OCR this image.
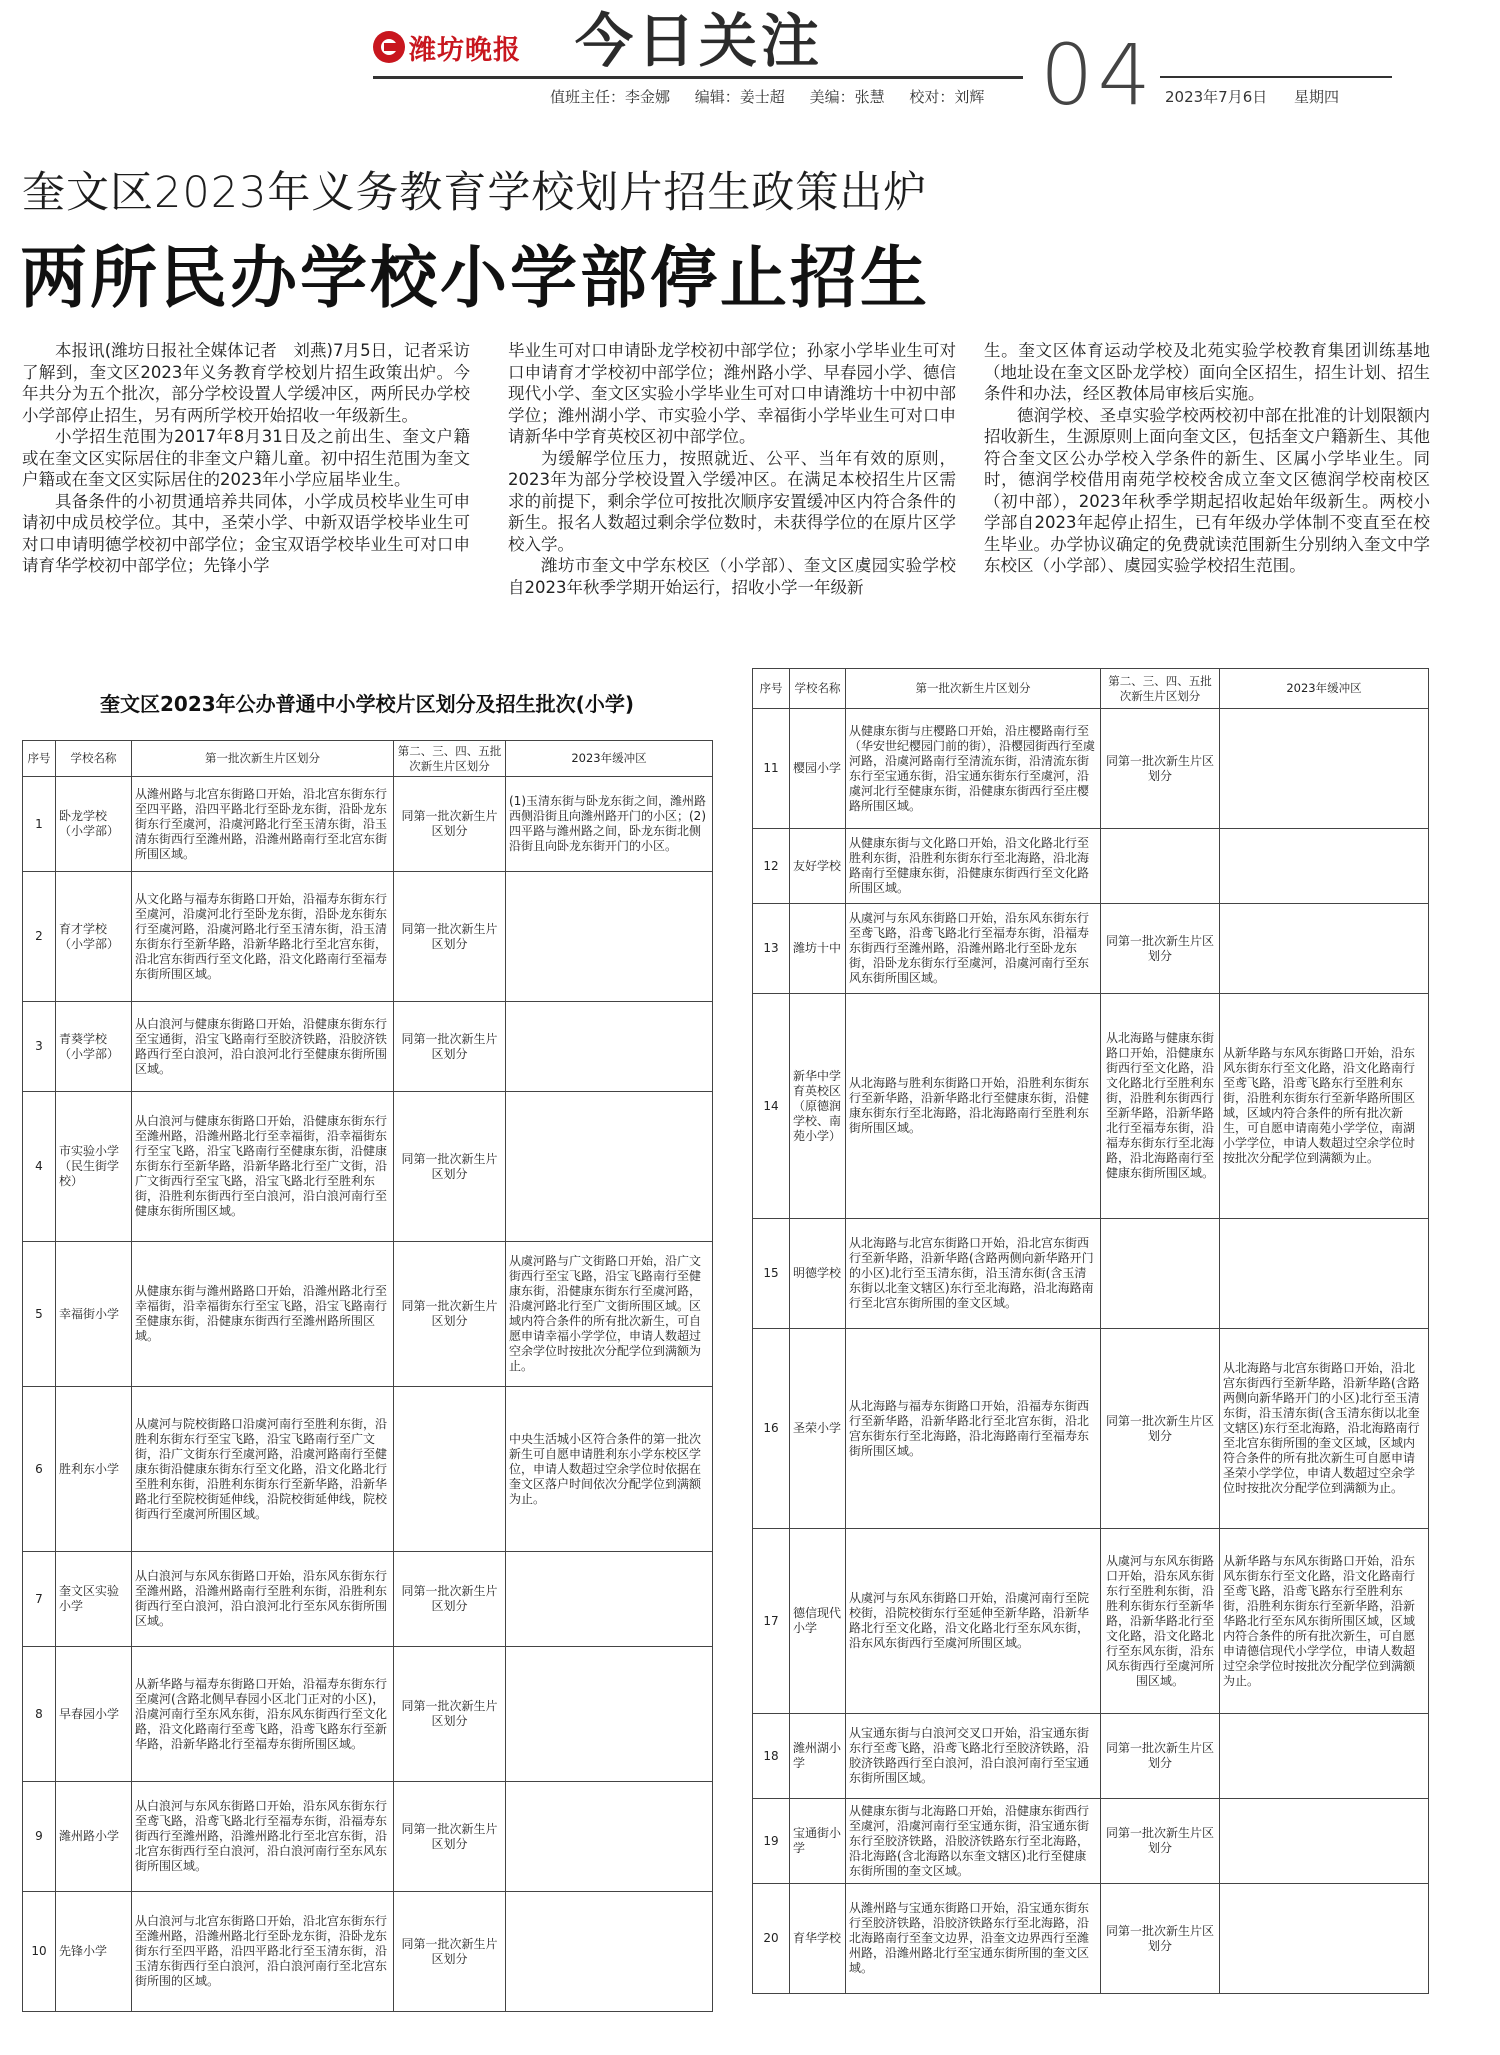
潍坊晚报 今日关注
值班主任：李金娜 编辑：姜士超 美编：张慧 校对：刘辉 04 2023年7月6日 星期四
奎文区2023年义务教育学校划片招生政策出炉
两所民办学校小学部停止招生

本报讯(潍坊日报社全媒体记者　刘燕)7月5日，记者采访了解到，奎文区2023年义务教育学校划片招生政策出炉。今年共分为五个批次，部分学校设置人学缓冲区，两所民办学校小学部停止招生，另有两所学校开始招收一年级新生。

小学招生范围为2017年8月31日及之前出生、奎文户籍或在奎文区实际居住的非奎文户籍儿童。初中招生范围为奎文户籍或在奎文区实际居住的2023年小学应届毕业生。

具备条件的小初贯通培养共同体，小学成员校毕业生可申请初中成员校学位。其中，圣荣小学、中新双语学校毕业生可对口申请明德学校初中部学位；金宝双语学校毕业生可对口申请育华学校初中部学位；先锋小学

毕业生可对口申请卧龙学校初中部学位；孙家小学毕业生可对口申请育才学校初中部学位；潍州路小学、早春园小学、德信现代小学、奎文区实验小学毕业生可对口申请潍坊十中初中部学位；潍州湖小学、市实验小学、幸福街小学毕业生可对口申请新华中学育英校区初中部学位。

为缓解学位压力，按照就近、公平、当年有效的原则，2023年为部分学校设置入学缓冲区。在满足本校招生片区需求的前提下，剩余学位可按批次顺序安置缓冲区内符合条件的新生。报名人数超过剩余学位数时，未获得学位的在原片区学校入学。

潍坊市奎文中学东校区（小学部）、奎文区虞园实验学校自2023年秋季学期开始运行，招收小学一年级新

生。奎文区体育运动学校及北苑实验学校教育集团训练基地（地址设在奎文区卧龙学校）面向全区招生，招生计划、招生条件和办法，经区教体局审核后实施。

德润学校、圣卓实验学校两校初中部在批准的计划限额内招收新生，生源原则上面向奎文区，包括奎文户籍新生、其他符合奎文区公办学校入学条件的新生、区属小学毕业生。同时，德润学校借用南苑学校校舍成立奎文区德润学校南校区（初中部），2023年秋季学期起招收起始年级新生。两校小学部自2023年起停止招生，已有年级办学体制不变直至在校生毕业。办学协议确定的免费就读范围新生分别纳入奎文中学东校区（小学部）、虞园实验学校招生范围。

奎文区2023年公办普通中小学校片区划分及招生批次(小学)
序号	学校名称	第一批次新生片区划分	第二、三、四、五批次新生片区划分	2023年缓冲区
1	卧龙学校（小学部）	从潍州路与北宫东街路口开始，沿北宫东街东行至四平路，沿四平路北行至卧龙东街，沿卧龙东街东行至虞河，沿虞河路北行至玉清东街，沿玉清东街西行至潍州路，沿潍州路南行至北宫东街所围区域。	同第一批次新生片区划分	(1)玉清东街与卧龙东街之间，潍州路西侧沿街且向潍州路开门的小区；(2)四平路与潍州路之间，卧龙东街北侧沿街且向卧龙东街开门的小区。
2	育才学校（小学部）	从文化路与福寿东街路口开始，沿福寿东街东行至虞河，沿虞河北行至卧龙东街，沿卧龙东街东行至虞河路，沿虞河路北行至玉清东街，沿玉清东街东行至新华路，沿新华路北行至北宫东街，沿北宫东街西行至文化路，沿文化路南行至福寿东街所围区域。	同第一批次新生片区划分	
3	青葵学校（小学部）	从白浪河与健康东街路口开始，沿健康东街东行至宝通街，沿宝飞路南行至胶济铁路，沿胶济铁路西行至白浪河，沿白浪河北行至健康东街所围区域。	同第一批次新生片区划分	
4	市实验小学（民生街学校）	从白浪河与健康东街路口开始，沿健康东街东行至潍州路，沿潍州路北行至幸福街，沿幸福街东行至宝飞路，沿宝飞路南行至健康东街，沿健康东街东行至新华路，沿新华路北行至广文街，沿广文街西行至宝飞路，沿宝飞路北行至胜利东街，沿胜利东街西行至白浪河，沿白浪河南行至健康东街所围区域。	同第一批次新生片区划分	
5	幸福街小学	从健康东街与潍州路路口开始，沿潍州路北行至幸福街，沿幸福街东行至宝飞路，沿宝飞路南行至健康东街，沿健康东街西行至潍州路所围区域。	同第一批次新生片区划分	从虞河路与广文街路口开始，沿广文街西行至宝飞路，沿宝飞路南行至健康东街，沿健康东街东行至虞河路，沿虞河路北行至广文街所围区域。区域内符合条件的所有批次新生，可自愿申请幸福小学学位，申请人数超过空余学位时按批次分配学位到满额为止。
6	胜利东小学	从虞河与院校街路口沿虞河南行至胜利东街，沿胜利东街东行至宝飞路，沿宝飞路南行至广文街，沿广文街东行至虞河路，沿虞河路南行至健康东街沿健康东街东行至文化路，沿文化路北行至胜利东街，沿胜利东街东行至新华路，沿新华路北行至院校街延伸线，沿院校街延伸线，院校街西行至虞河所围区域。		中央生活城小区符合条件的第一批次新生可自愿申请胜利东小学东校区学位，申请人数超过空余学位时依据在奎文区落户时间依次分配学位到满额为止。
7	奎文区实验小学	从白浪河与东风东街路口开始，沿东风东街东行至潍州路，沿潍州路南行至胜利东街，沿胜利东街西行至白浪河，沿白浪河北行至东风东街所围区域。	同第一批次新生片区划分	
8	早春园小学	从新华路与福寿东街路口开始，沿福寿东街东行至虞河(含路北侧早春园小区北门正对的小区)，沿虞河南行至东风东街，沿东风东街西行至文化路，沿文化路南行至鸢飞路，沿鸢飞路东行至新华路，沿新华路北行至福寿东街所围区域。	同第一批次新生片区划分	
9	潍州路小学	从白浪河与东风东街路口开始，沿东风东街东行至鸢飞路，沿鸢飞路北行至福寿东街，沿福寿东街西行至潍州路，沿潍州路北行至北宫东街，沿北宫东街西行至白浪河，沿白浪河南行至东风东街所围区域。	同第一批次新生片区划分	
10	先锋小学	从白浪河与北宫东街路口开始，沿北宫东街东行至潍州路，沿潍州路北行至卧龙东街，沿卧龙东街东行至四平路，沿四平路北行至玉清东街，沿玉清东街西行至白浪河，沿白浪河南行至北宫东街所围的区域。	同第一批次新生片区划分	
序号	学校名称	第一批次新生片区划分	第二、三、四、五批次新生片区划分	2023年缓冲区
11	樱园小学	从健康东街与庄樱路口开始，沿庄樱路南行至（华安世纪樱园门前的街），沿樱园街西行至虞河路，沿虞河路南行至清流东街，沿清流东街东行至宝通东街，沿宝通东街东行至虞河，沿虞河北行至健康东街，沿健康东街西行至庄樱路所围区域。	同第一批次新生片区划分	
12	友好学校	从健康东街与文化路口开始，沿文化路北行至胜利东街，沿胜利东街东行至北海路，沿北海路南行至健康东街，沿健康东街西行至文化路所围区域。		
13	潍坊十中	从虞河与东风东街路口开始，沿东风东街东行至鸢飞路，沿鸢飞路北行至福寿东街，沿福寿东街西行至潍州路，沿潍州路北行至卧龙东街，沿卧龙东街东行至虞河，沿虞河南行至东风东街所围区域。	同第一批次新生片区划分	
14	新华中学育英校区（原德润学校、南苑小学）	从北海路与胜利东街路口开始，沿胜利东街东行至新华路，沿新华路北行至健康东街，沿健康东街东行至北海路，沿北海路南行至胜利东街所围区域。	从北海路与健康东街路口开始，沿健康东街西行至文化路，沿文化路北行至胜利东街，沿胜利东街西行至新华路，沿新华路北行至福寿东街，沿福寿东街东行至北海路，沿北海路南行至健康东街所围区域。	从新华路与东风东街路口开始，沿东风东街东行至文化路，沿文化路南行至鸢飞路，沿鸢飞路东行至胜利东街，沿胜利东街东行至新华路所围区域，区域内符合条件的所有批次新生，可自愿申请南苑小学学位，南湖小学学位，申请人数超过空余学位时按批次分配学位到满额为止。
15	明德学校	从北海路与北宫东街路口开始，沿北宫东街西行至新华路，沿新华路(含路两侧向新华路开门的小区)北行至玉清东街，沿玉清东街(含玉清东街以北奎文辖区)东行至北海路，沿北海路南行至北宫东街所围的奎文区域。		
16	圣荣小学	从北海路与福寿东街路口开始，沿福寿东街西行至新华路，沿新华路北行至北宫东街，沿北宫东街东行至北海路，沿北海路南行至福寿东街所围区域。	同第一批次新生片区划分	从北海路与北宫东街路口开始，沿北宫东街西行至新华路，沿新华路(含路两侧向新华路开门的小区)北行至玉清东街，沿玉清东街(含玉清东街以北奎文辖区)东行至北海路，沿北海路南行至北宫东街所围的奎文区域，区域内符合条件的所有批次新生可自愿申请圣荣小学学位，申请人数超过空余学位时按批次分配学位到满额为止。
17	德信现代小学	从虞河与东风东街路口开始，沿虞河南行至院校街，沿院校街东行至延伸至新华路，沿新华路北行至文化路，沿文化路北行至东风东街，沿东风东街西行至虞河所围区域。	从虞河与东风东街路口开始，沿东风东街东行至胜利东街，沿胜利东街东行至新华路，沿新华路北行至文化路，沿文化路北行至东风东街，沿东风东街西行至虞河所围区域。	从新华路与东风东街路口开始，沿东风东街东行至文化路，沿文化路南行至鸢飞路，沿鸢飞路东行至胜利东街，沿胜利东街东行至新华路，沿新华路北行至东风东街所围区域，区域内符合条件的所有批次新生，可自愿申请德信现代小学学位，申请人数超过空余学位时按批次分配学位到满额为止。
18	潍州湖小学	从宝通东街与白浪河交叉口开始，沿宝通东街东行至鸢飞路，沿鸢飞路北行至胶济铁路，沿胶济铁路西行至白浪河，沿白浪河南行至宝通东街所围区域。	同第一批次新生片区划分	
19	宝通街小学	从健康东街与北海路口开始，沿健康东街西行至虞河，沿虞河南行至宝通东街，沿宝通东街东行至胶济铁路，沿胶济铁路东行至北海路，沿北海路(含北海路以东奎文辖区)北行至健康东街所围的奎文区域。	同第一批次新生片区划分	
20	育华学校	从潍州路与宝通东街路口开始，沿宝通东街东行至胶济铁路，沿胶济铁路东行至北海路，沿北海路南行至奎文边界，沿奎文边界西行至潍州路，沿潍州路北行至宝通东街所围的奎文区域。	同第一批次新生片区划分	
